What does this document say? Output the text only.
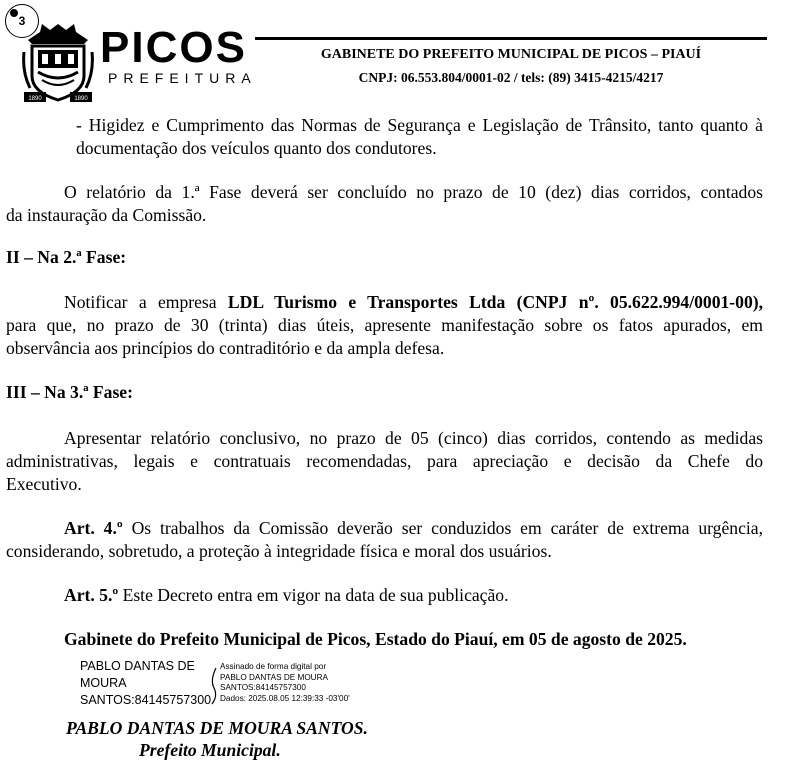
3
1890	1890
PICOS
PREFEITURA
GABINETE DO PREFEITO MUNICIPAL DE PICOS – PIAUÍ
CNPJ: 06.553.804/0001-02 / tels: (89) 3415-4215/4217
- Higidez e Cumprimento das Normas de Segurança e Legislação de Trânsito, tanto quanto à
documentação dos veículos quanto dos condutores.
O relatório da 1.ª Fase deverá ser concluído no prazo de 10 (dez) dias corridos, contados
da instauração da Comissão.
II – Na 2.ª Fase:
Notificar a empresa LDL Turismo e Transportes Ltda (CNPJ nº. 05.622.994/0001-00),
para que, no prazo de 30 (trinta) dias úteis, apresente manifestação sobre os fatos apurados, em
observância aos princípios do contraditório e da ampla defesa.
III – Na 3.ª Fase:
Apresentar relatório conclusivo, no prazo de 05 (cinco) dias corridos, contendo as medidas
administrativas, legais e contratuais recomendadas, para apreciação e decisão da Chefe do
Executivo.
Art. 4.º Os trabalhos da Comissão deverão ser conduzidos em caráter de extrema urgência,
considerando, sobretudo, a proteção à integridade física e moral dos usuários.
Art. 5.º Este Decreto entra em vigor na data de sua publicação.
Gabinete do Prefeito Municipal de Picos, Estado do Piauí, em 05 de agosto de 2025.
PABLO DANTAS DE
MOURA
SANTOS:84145757300
Assinado de forma digital por
PABLO DANTAS DE MOURA
SANTOS:84145757300
Dados: 2025.08.05 12:39:33 -03'00'
PABLO DANTAS DE MOURA SANTOS.
Prefeito Municipal.
